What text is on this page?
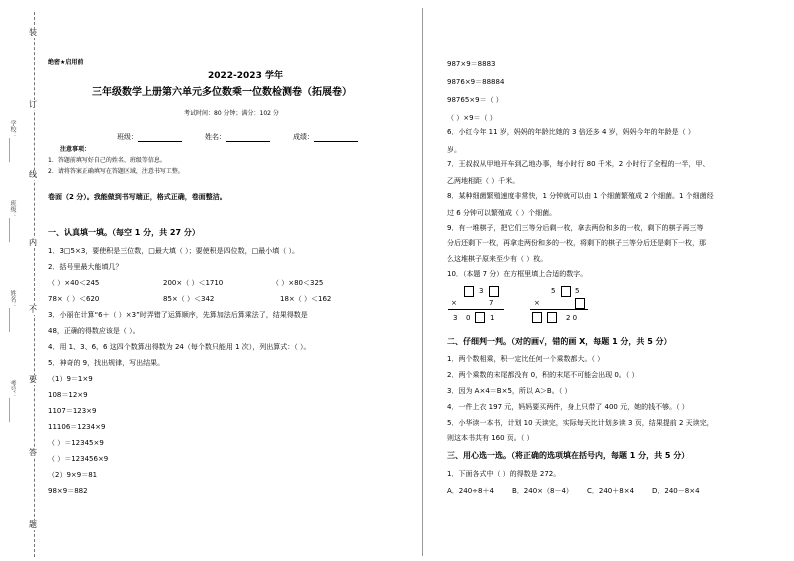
装
订
线
内
不
要
答
题
学校：________
班级：________
姓名：________
考号：________
绝密★启用前
2022-2023 学年
三年级数学上册第六单元多位数乘一位数检测卷（拓展卷）
考试时间：80 分钟；满分：102 分
班级：	姓名：	成绩：
注意事项：
1．答题前填写好自己的姓名、班级等信息。
2．请将答案正确填写在答题区域，注意书写工整。
卷面（2 分）。我能做到书写端正，格式正确，卷面整洁。
一、认真填一填。（每空 1 分，共 27 分）
1．3□5×3，要使积是三位数，□最大填（ ）；要使积是四位数，□最小填（ ）。
2．括号里最大能填几？
（ ）×40＜245	200×（ ）＜1710	（ ）×80＜325
78×（ ）＜620	85×（ ）＜342	18×（ ）＜162
3．小丽在计算“6＋（ ）×3”时弄错了运算顺序，先算加法后算乘法了，结果得数是
48，正确的得数应该是（ ）。
4．用 1、3、6、6 这四个数算出得数为 24（每个数只能用 1 次），列出算式：（ ）。
5．神奇的 9，找出规律，写出结果。
（1）9＝1×9
108＝12×9
1107＝123×9
11106＝1234×9
（ ）＝12345×9
（ ）＝123456×9
（2）9×9＝81
98×9＝882
987×9＝8883
9876×9＝88884
98765×9＝（ ）
（ ）×9＝（ ）
6．小红今年 11 岁，妈妈的年龄比她的 3 倍还多 4 岁，妈妈今年的年龄是（ ）
岁。
7．王叔叔从甲地开车到乙地办事，每小时行 80 千米，2 小时行了全程的一半，甲、
乙两地相距（ ）千米。
8．某种细菌繁殖速度非常快，1 分钟就可以由 1 个细菌繁殖成 2 个细菌。1 个细菌经
过 6 分钟可以繁殖成（ ）个细菌。
9．有一堆棋子，把它们三等分后剩一枚，拿去两份和多的一枚，剩下的棋子再三等
分后还剩下一枚，再拿走两份和多的一枚，将剩下的棋子三等分后还是剩下一枚，那
么这堆棋子原来至少有（ ）枚。
10．（本题 7 分）在方框里填上合适的数字。
3
×	7
3 0	1
5	5
×
2 0
二、仔细判一判。（对的画√，错的画 X，每题 1 分，共 5 分）
1．两个数相乘，积一定比任何一个乘数都大。（ ）
2．两个乘数的末尾都没有 0，积的末尾不可能会出现 0。（ ）
3．因为 A×4＝B×5，所以 A＞B。（ ）
4．一件上衣 197 元，妈妈要买两件，身上只带了 400 元，她的钱不够。（ ）
5．小华读一本书，计划 10 天读完，实际每天比计划多读 3 页，结果提前 2 天读完，
则这本书共有 160 页。（ ）
三、用心选一选。（将正确的选项填在括号内，每题 1 分，共 5 分）
1．下面各式中（ ）的得数是 272。
A．240÷8＋4	B．240×（8－4） C．240＋8×4	D．240－8×4
